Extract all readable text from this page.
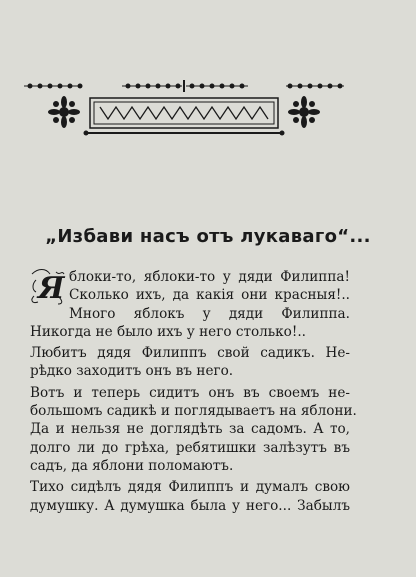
„Избави насъ отъ лукаваго“...
Я блоки-то, яблоки-то у дяди Филиппа!
Сколько ихъ, да какія они красныя!..
Много яблокъ у дяди Филиппа.
Никогда не было ихъ у него столько!..
Любитъ дядя Филиппъ свой садикъ. Не-
рѣдко заходитъ онъ въ него.
Вотъ и теперь сидитъ онъ въ своемъ не-
большомъ садикѣ и поглядываетъ на яблони.
Да и нельзя не доглядѣть за садомъ. А то,
долго ли до грѣха, ребятишки залѣзутъ въ
садъ, да яблони поломаютъ.
Тихо сидѣлъ дядя Филиппъ и думалъ свою
думушку. А думушка была у него... Забылъ
